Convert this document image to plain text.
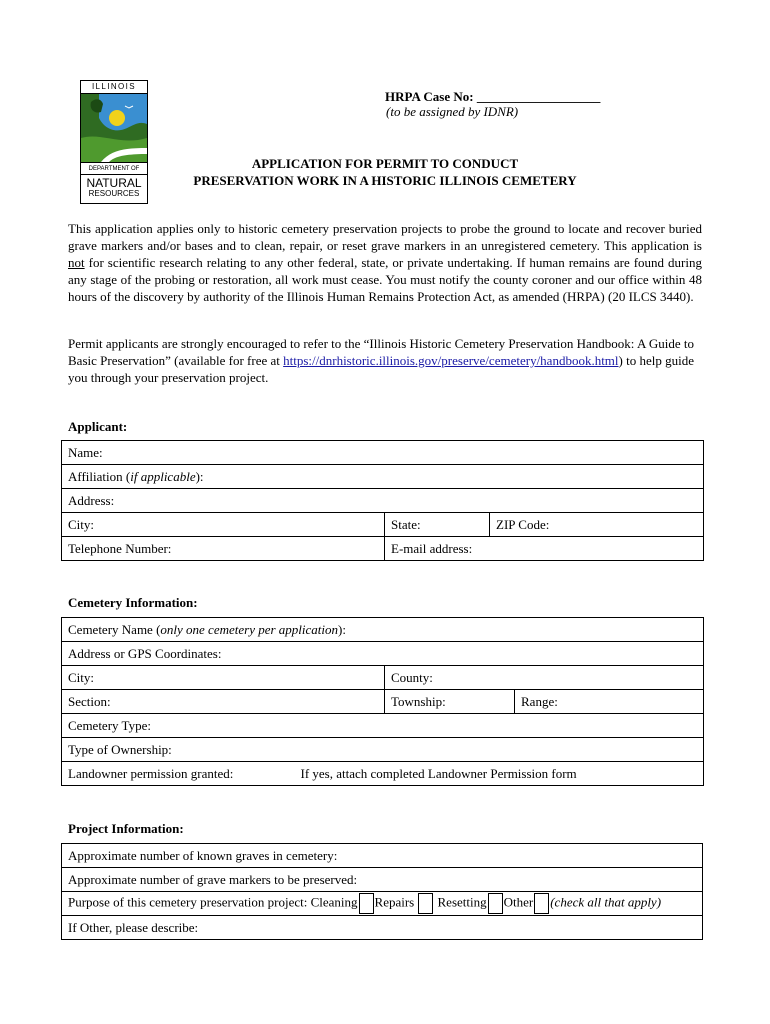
ILLINOIS
DEPARTMENT OF
NATURAL
RESOURCES
HRPA Case No: ___________________
(to be assigned by IDNR)
APPLICATION FOR PERMIT TO CONDUCT
PRESERVATION WORK IN A HISTORIC ILLINOIS CEMETERY
This application applies only to historic cemetery preservation projects to probe the ground to locate and recover buried grave markers and/or bases and to clean, repair, or reset grave markers in an unregistered cemetery. This application is not for scientific research relating to any other federal, state, or private undertaking. If human remains are found during any stage of the probing or restoration, all work must cease. You must notify the county coroner and our office within 48 hours of the discovery by authority of the Illinois Human Remains Protection Act, as amended (HRPA) (20 ILCS 3440).
Permit applicants are strongly encouraged to refer to the “Illinois Historic Cemetery Preservation Handbook: A Guide to Basic Preservation” (available for free at https://dnrhistoric.illinois.gov/preserve/cemetery/handbook.html) to help guide you through your preservation project.
Applicant:
Name:		
Affiliation (if applicable):		
Address:		
City:	State:	ZIP Code:
Telephone Number:	E-mail address:	
Cemetery Information:
Cemetery Name (only one cemetery per application):			
Address or GPS Coordinates:			
City:		County:	
Section:		Township:	Range:
Cemetery Type:			
Type of Ownership:			
Landowner permission granted:	If yes, attach completed Landowner Permission form		
Project Information:
Approximate number of known graves in cemetery:
Approximate number of grave markers to be preserved:
Purpose of this cemetery preservation project: Cleaning Repairs Resetting Other (check all that apply)
If Other, please describe:
